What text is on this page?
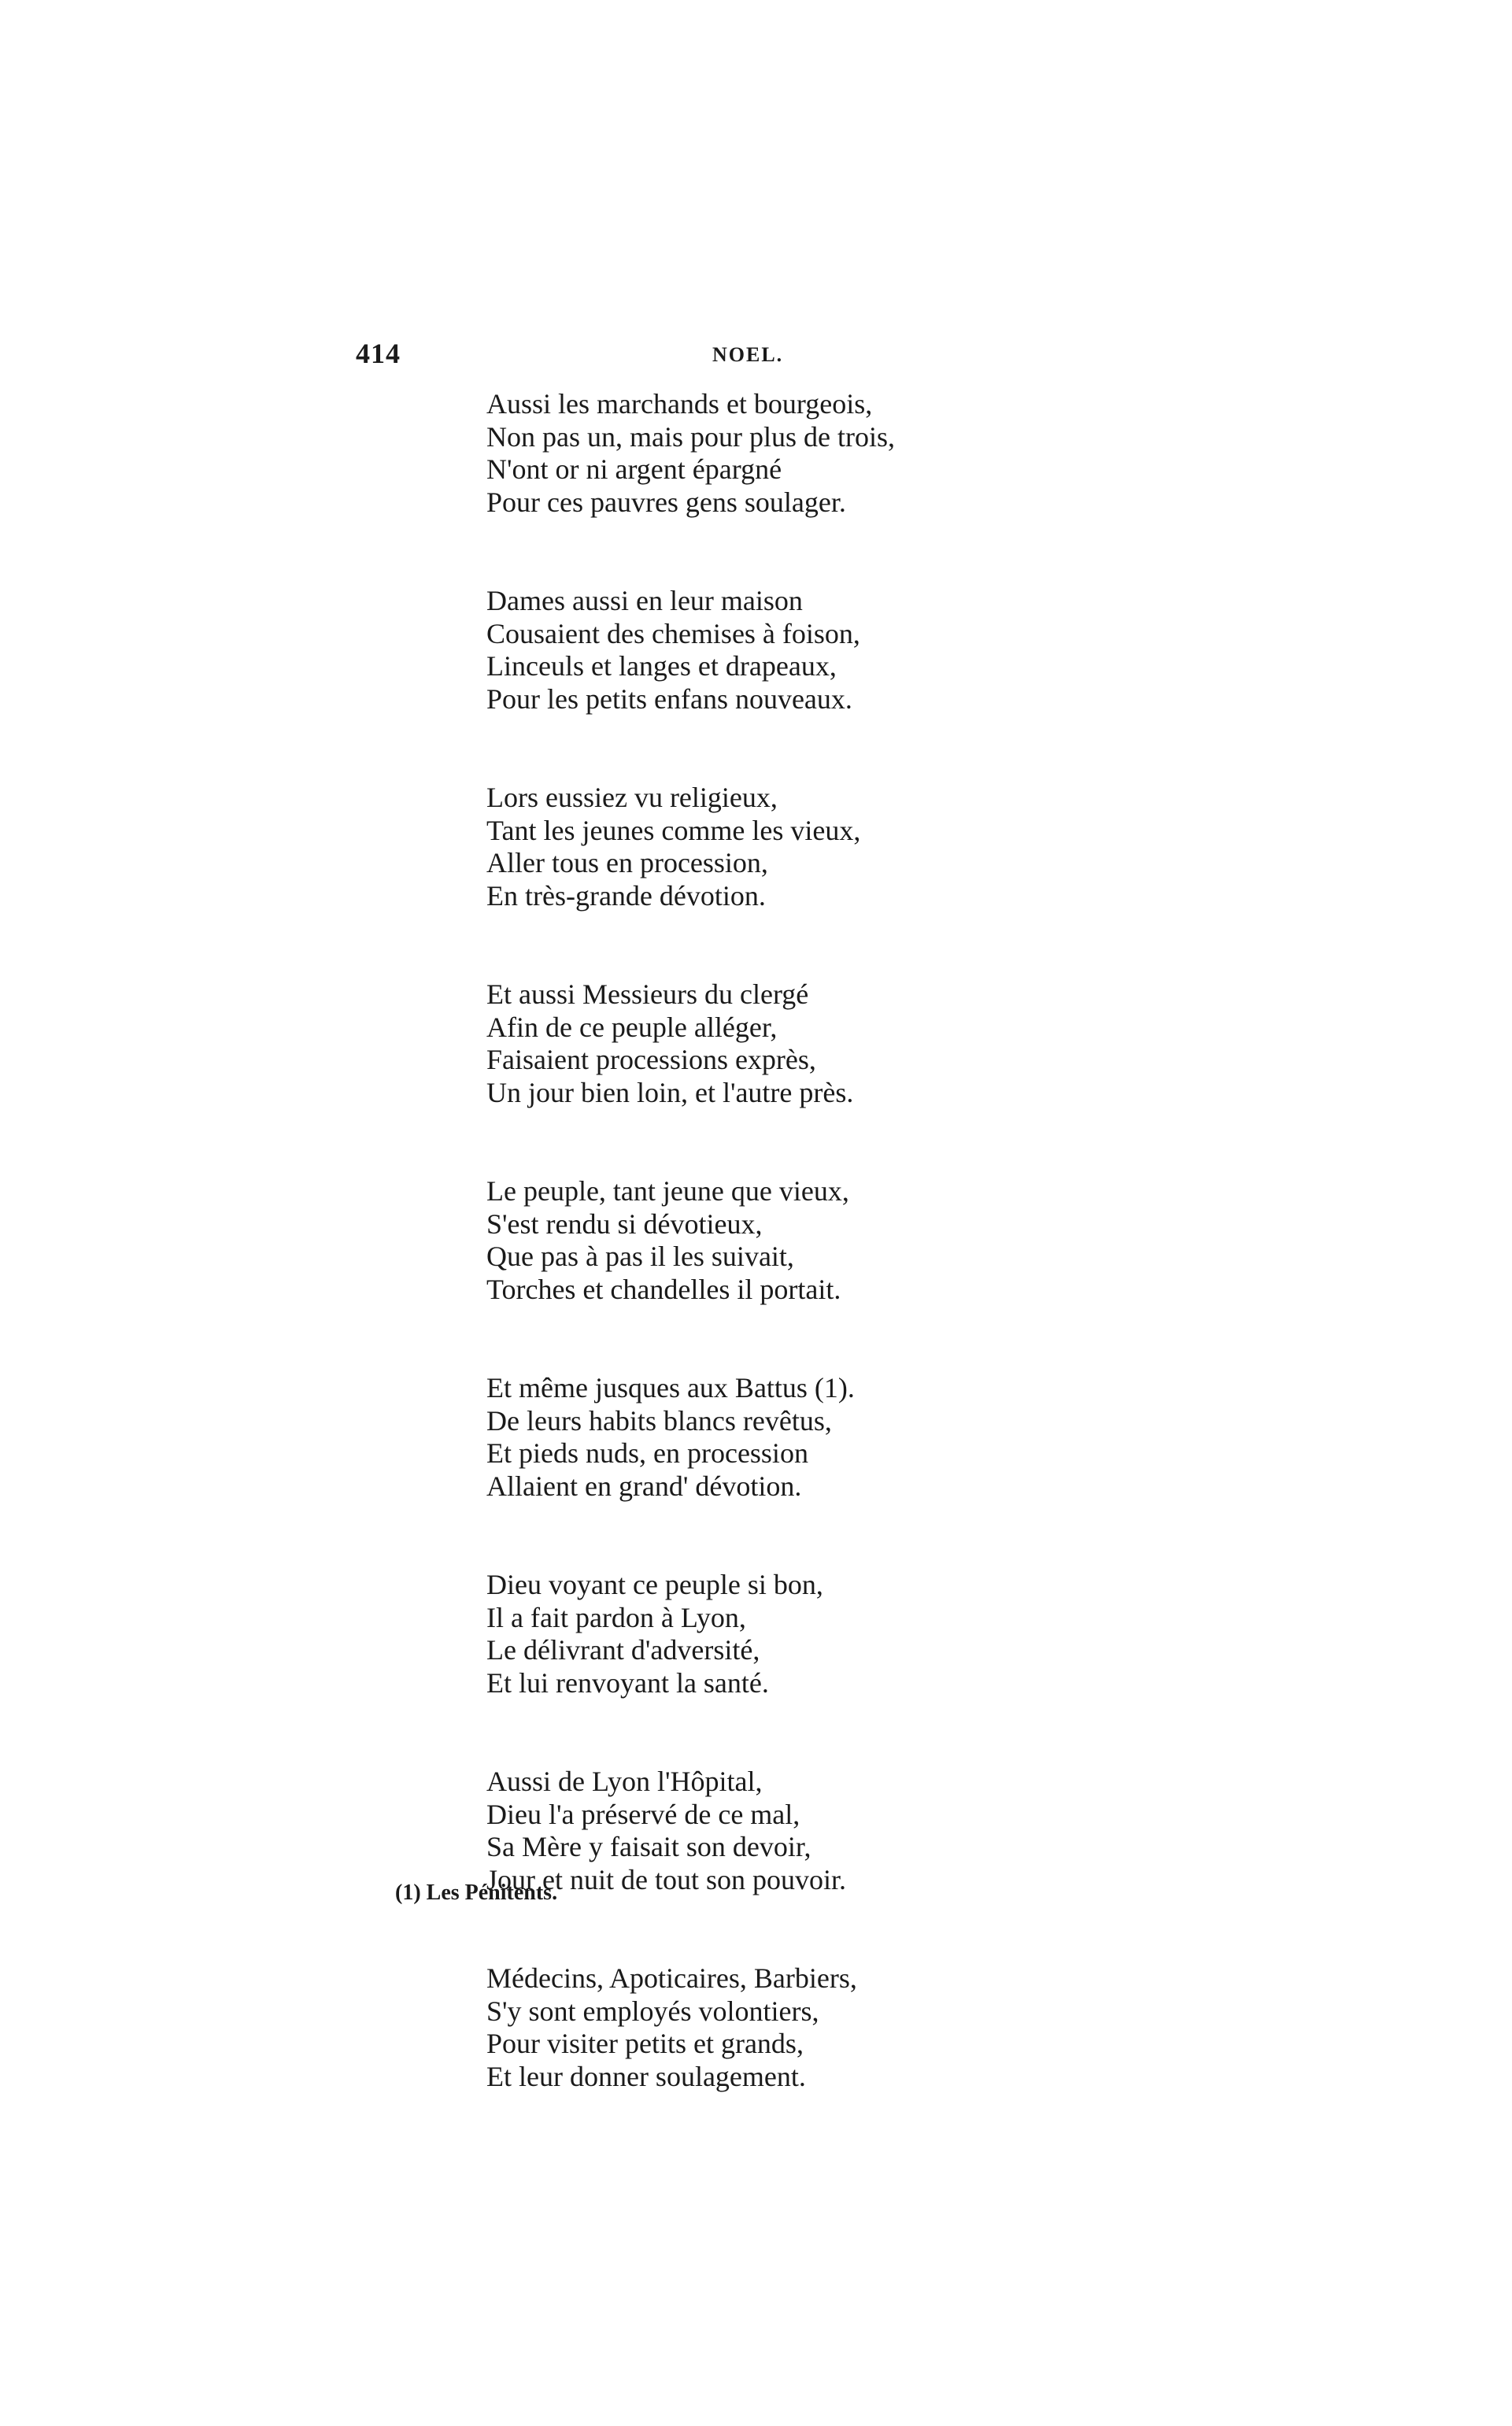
414	NOEL.
Aussi les marchands et bourgeois,
Non pas un, mais pour plus de trois,
N'ont or ni argent épargné
Pour ces pauvres gens soulager.
Dames aussi en leur maison
Cousaient des chemises à foison,
Linceuls et langes et drapeaux,
Pour les petits enfans nouveaux.
Lors eussiez vu religieux,
Tant les jeunes comme les vieux,
Aller tous en procession,
En très-grande dévotion.
Et aussi Messieurs du clergé
Afin de ce peuple alléger,
Faisaient processions exprès,
Un jour bien loin, et l'autre près.
Le peuple, tant jeune que vieux,
S'est rendu si dévotieux,
Que pas à pas il les suivait,
Torches et chandelles il portait.
Et même jusques aux Battus (1).
De leurs habits blancs revêtus,
Et pieds nuds, en procession
Allaient en grand' dévotion.
Dieu voyant ce peuple si bon,
Il a fait pardon à Lyon,
Le délivrant d'adversité,
Et lui renvoyant la santé.
Aussi de Lyon l'Hôpital,
Dieu l'a préservé de ce mal,
Sa Mère y faisait son devoir,
Jour et nuit de tout son pouvoir.
Médecins, Apoticaires, Barbiers,
S'y sont employés volontiers,
Pour visiter petits et grands,
Et leur donner soulagement.
(1) Les Pénitents.
